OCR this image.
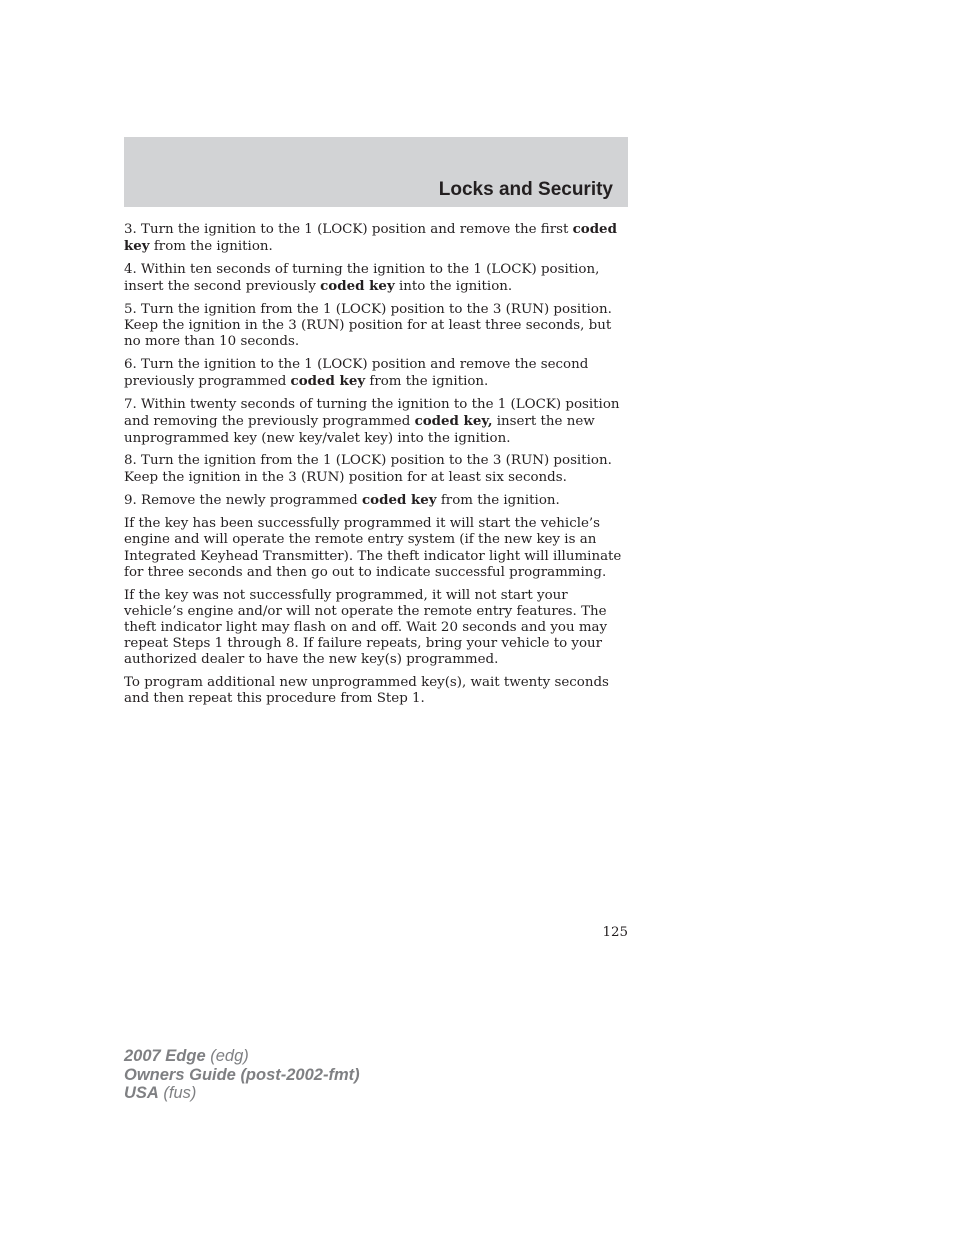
Locks and Security

3. Turn the ignition to the 1 (LOCK) position and remove the first coded key from the ignition.

4. Within ten seconds of turning the ignition to the 1 (LOCK) position, insert the second previously coded key into the ignition.

5. Turn the ignition from the 1 (LOCK) position to the 3 (RUN) position. Keep the ignition in the 3 (RUN) position for at least three seconds, but no more than 10 seconds.

6. Turn the ignition to the 1 (LOCK) position and remove the second previously programmed coded key from the ignition.

7. Within twenty seconds of turning the ignition to the 1 (LOCK) position and removing the previously programmed coded key, insert the new unprogrammed key (new key/valet key) into the ignition.

8. Turn the ignition from the 1 (LOCK) position to the 3 (RUN) position. Keep the ignition in the 3 (RUN) position for at least six seconds.

9. Remove the newly programmed coded key from the ignition.

If the key has been successfully programmed it will start the vehicle’s engine and will operate the remote entry system (if the new key is an Integrated Keyhead Transmitter). The theft indicator light will illuminate for three seconds and then go out to indicate successful programming.

If the key was not successfully programmed, it will not start your vehicle’s engine and/or will not operate the remote entry features. The theft indicator light may flash on and off. Wait 20 seconds and you may repeat Steps 1 through 8. If failure repeats, bring your vehicle to your authorized dealer to have the new key(s) programmed.

To program additional new unprogrammed key(s), wait twenty seconds and then repeat this procedure from Step 1.

125
2007 Edge (edg)
Owners Guide (post-2002-fmt)
USA (fus)
